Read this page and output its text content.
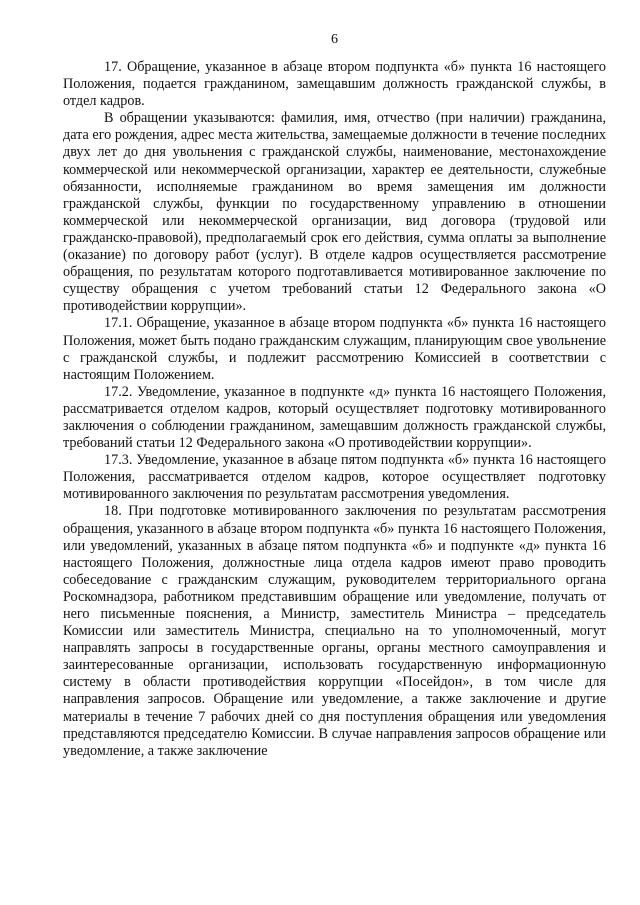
6

17. Обращение, указанное в абзаце втором подпункта «б» пункта 16 настоящего Положения, подается гражданином, замещавшим должность гражданской службы, в отдел кадров.

В обращении указываются: фамилия, имя, отчество (при наличии) гражданина, дата его рождения, адрес места жительства, замещаемые должности в течение последних двух лет до дня увольнения с гражданской службы, наименование, местонахождение коммерческой или некоммерческой организации, характер ее деятельности, служебные обязанности, исполняемые гражданином во время замещения им должности гражданской службы, функции по государственному управлению в отношении коммерческой или некоммерческой организации, вид договора (трудовой или гражданско-правовой), предполагаемый срок его действия, сумма оплаты за выполнение (оказание) по договору работ (услуг). В отделе кадров осуществляется рассмотрение обращения, по результатам которого подготавливается мотивированное заключение по существу обращения с учетом требований статьи 12 Федерального закона «О противодействии коррупции».

17.1. Обращение, указанное в абзаце втором подпункта «б» пункта 16 настоящего Положения, может быть подано гражданским служащим, планирующим свое увольнение с гражданской службы, и подлежит рассмотрению Комиссией в соответствии с настоящим Положением.

17.2. Уведомление, указанное в подпункте «д» пункта 16 настоящего Положения, рассматривается отделом кадров, который осуществляет подготовку мотивированного заключения о соблюдении гражданином, замещавшим должность гражданской службы, требований статьи 12 Федерального закона «О противодействии коррупции».

17.3. Уведомление, указанное в абзаце пятом подпункта «б» пункта 16 настоящего Положения, рассматривается отделом кадров, которое осуществляет подготовку мотивированного заключения по результатам рассмотрения уведомления.

18. При подготовке мотивированного заключения по результатам рассмотрения обращения, указанного в абзаце втором подпункта «б» пункта 16 настоящего Положения, или уведомлений, указанных в абзаце пятом подпункта «б» и подпункте «д» пункта 16 настоящего Положения, должностные лица отдела кадров имеют право проводить собеседование с гражданским служащим, руководителем территориального органа Роскомнадзора, работником представившим обращение или уведомление, получать от него письменные пояснения, а Министр, заместитель Министра – председатель Комиссии или заместитель Министра, специально на то уполномоченный, могут направлять запросы в государственные органы, органы местного самоуправления и заинтересованные организации, использовать государственную информационную систему в области противодействия коррупции «Посейдон», в том числе для направления запросов. Обращение или уведомление, а также заключение и другие материалы в течение 7 рабочих дней со дня поступления обращения или уведомления представляются председателю Комиссии. В случае направления запросов обращение или уведомление, а также заключение
